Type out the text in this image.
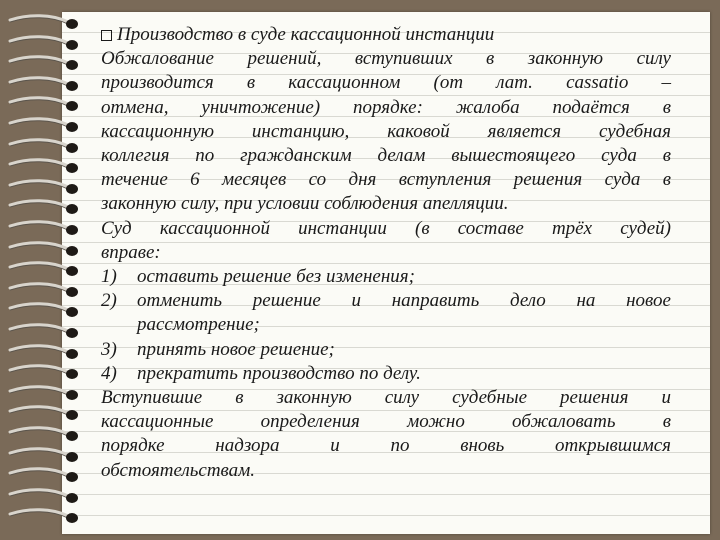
Производство в суде кассационной инстанции
Обжалование решений, вступивших в законную силу
производится в кассационном (от лат. cassatio –
отмена, уничтожение) порядке: жалоба подаётся в
кассационную инстанцию, каковой является судебная
коллегия по гражданским делам вышестоящего суда в
течение 6 месяцев со дня вступления решения суда в
законную силу, при условии соблюдения апелляции.
Суд кассационной инстанции (в составе трёх судей)
вправе:
1)	оставить решение без изменения;
2)	отменить решение и направить дело на новое
рассмотрение;
3)	принять новое решение;
4)	прекратить производство по делу.
Вступившие в законную силу судебные решения и
кассационные определения можно обжаловать в
порядке надзора и по вновь открывшимся
обстоятельствам.
